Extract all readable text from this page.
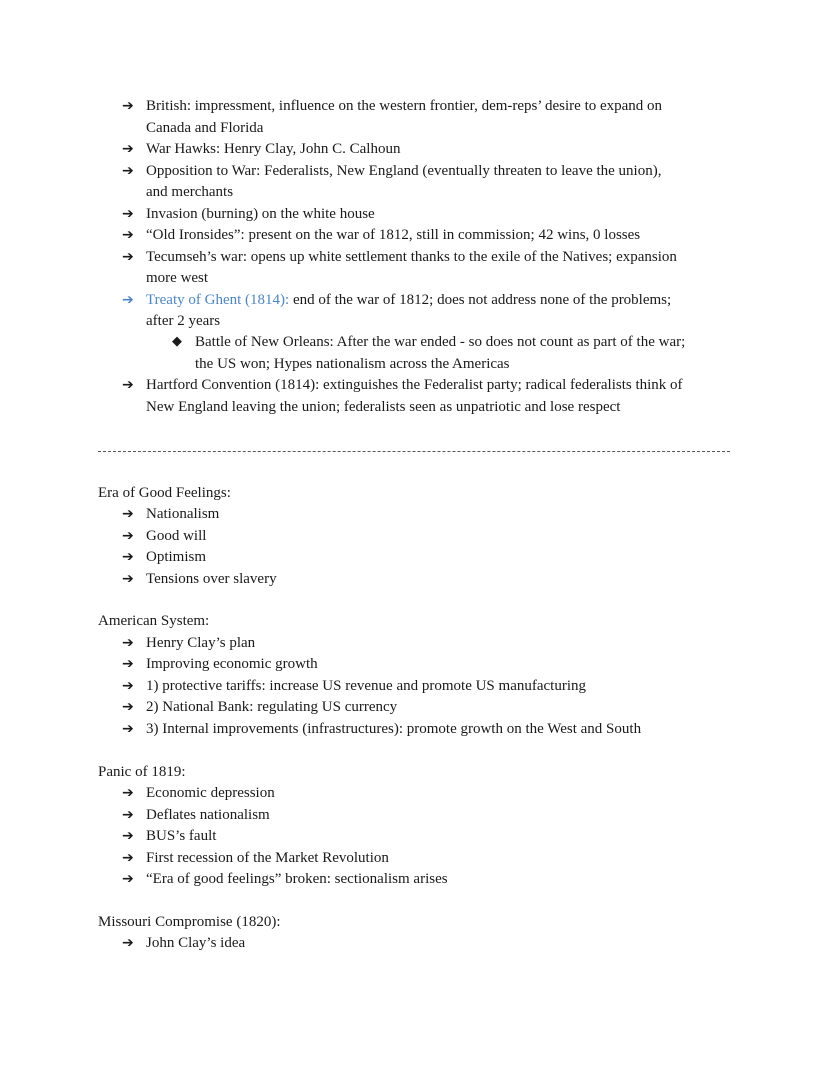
➔ British: impressment, influence on the western frontier, dem-reps’ desire to expand on
Canada and Florida
➔ War Hawks: Henry Clay, John C. Calhoun
➔ Opposition to War: Federalists, New England (eventually threaten to leave the union),
and merchants
➔ Invasion (burning) on the white house
➔ “Old Ironsides”: present on the war of 1812, still in commission; 42 wins, 0 losses
➔ Tecumseh’s war: opens up white settlement thanks to the exile of the Natives; expansion
more west
➔ Treaty of Ghent (1814): end of the war of 1812; does not address none of the problems;
after 2 years
◆ Battle of New Orleans: After the war ended - so does not count as part of the war;
the US won; Hypes nationalism across the Americas
➔ Hartford Convention (1814): extinguishes the Federalist party; radical federalists think of
New England leaving the union; federalists seen as unpatriotic and lose respect
Era of Good Feelings:
➔ Nationalism
➔ Good will
➔ Optimism
➔ Tensions over slavery
American System:
➔ Henry Clay’s plan
➔ Improving economic growth
➔ 1) protective tariffs: increase US revenue and promote US manufacturing
➔ 2) National Bank: regulating US currency
➔ 3) Internal improvements (infrastructures): promote growth on the West and South
Panic of 1819:
➔ Economic depression
➔ Deflates nationalism
➔ BUS’s fault
➔ First recession of the Market Revolution
➔ “Era of good feelings” broken: sectionalism arises
Missouri Compromise (1820):
➔ John Clay’s idea
